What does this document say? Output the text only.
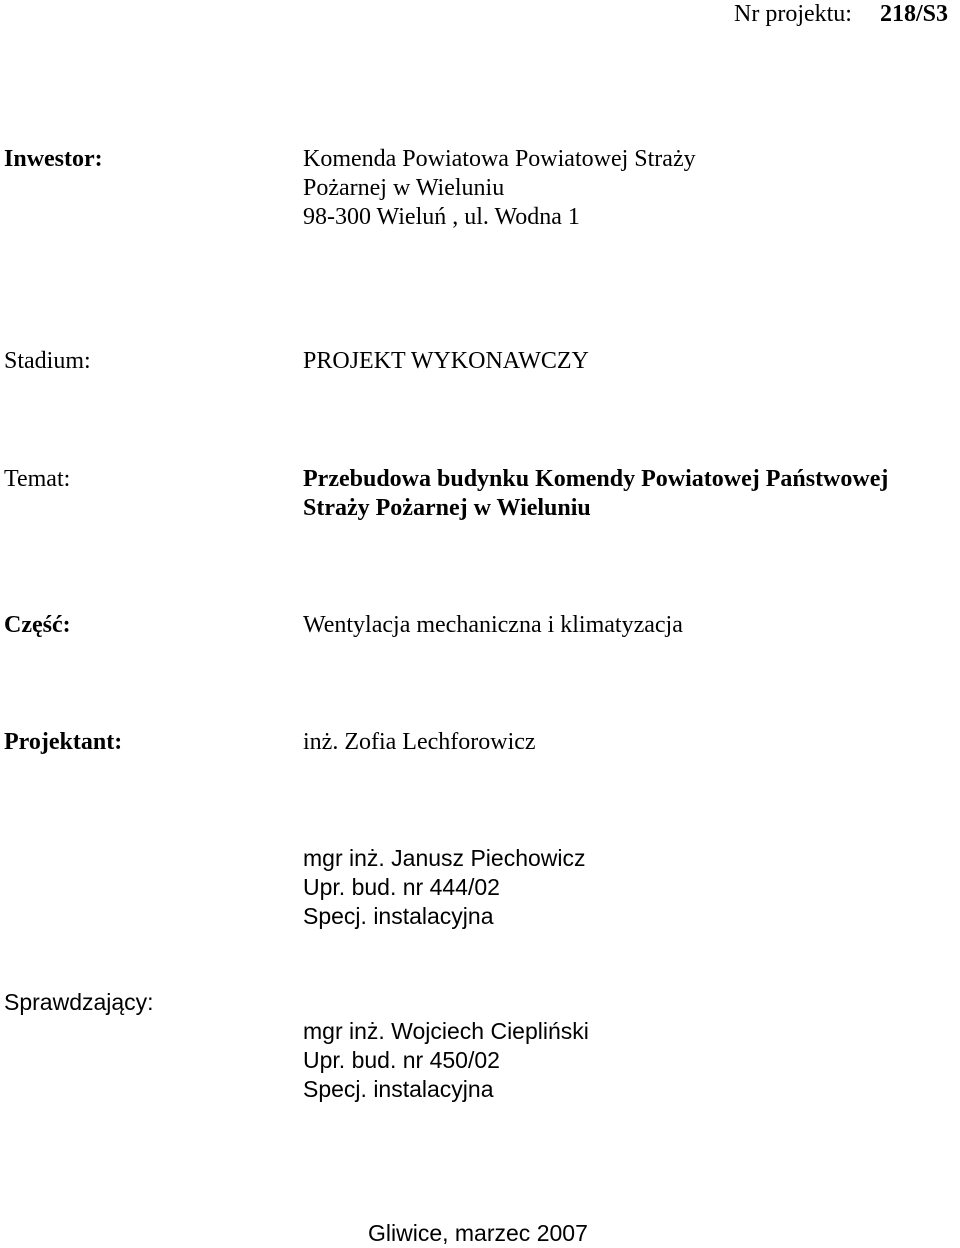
Nr projektu: 218/S3
Inwestor:	Komenda Powiatowa Powiatowej Straży
Pożarnej w Wieluniu
98-300 Wieluń , ul. Wodna 1
Stadium:	PROJEKT WYKONAWCZY
Temat:	Przebudowa budynku Komendy Powiatowej Państwowej
Straży Pożarnej w Wieluniu
Część:	Wentylacja mechaniczna i klimatyzacja
Projektant:	inż. Zofia Lechforowicz
mgr inż. Janusz Piechowicz
Upr. bud. nr 444/02
Specj. instalacyjna
Sprawdzający:
mgr inż. Wojciech Ciepliński
Upr. bud. nr 450/02
Specj. instalacyjna
Gliwice, marzec 2007
